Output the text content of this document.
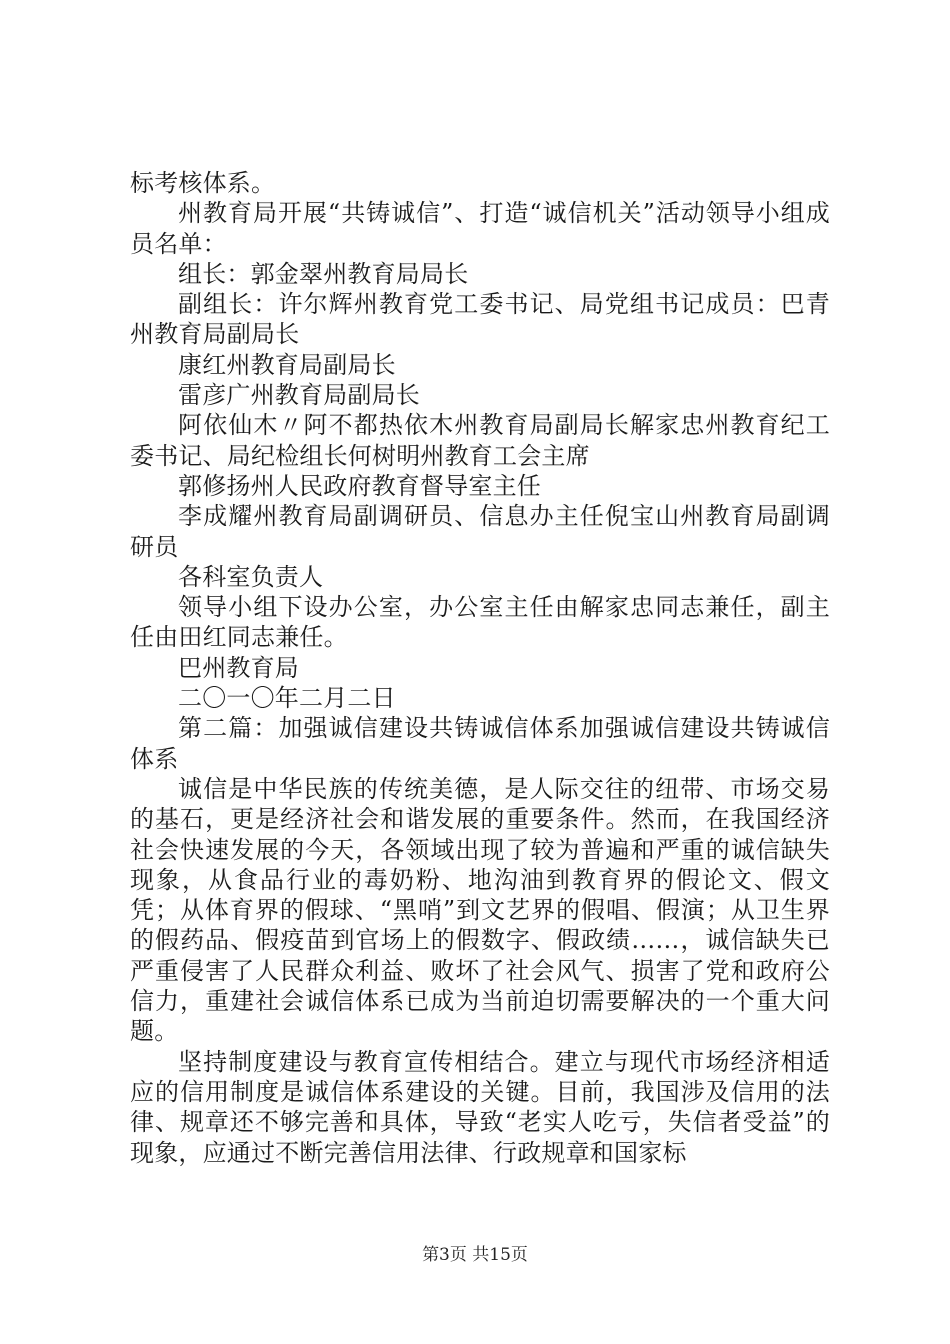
标考核体系。

州教育局开展“共铸诚信”、打造“诚信机关”活动领导小组成员名单：

组长：郭金翠州教育局局长

副组长：许尔辉州教育党工委书记、局党组书记成员：巴青州教育局副局长

康红州教育局副局长

雷彦广州教育局副局长

阿依仙木〃阿不都热依木州教育局副局长解家忠州教育纪工委书记、局纪检组长何树明州教育工会主席

郭修扬州人民政府教育督导室主任

李成耀州教育局副调研员、信息办主任倪宝山州教育局副调研员

各科室负责人

领导小组下设办公室，办公室主任由解家忠同志兼任，副主任由田红同志兼任。

巴州教育局

二〇一〇年二月二日

第二篇：加强诚信建设共铸诚信体系加强诚信建设共铸诚信体系

诚信是中华民族的传统美德，是人际交往的纽带、市场交易的基石，更是经济社会和谐发展的重要条件。然而，在我国经济社会快速发展的今天，各领域出现了较为普遍和严重的诚信缺失现象，从食品行业的毒奶粉、地沟油到教育界的假论文、假文凭；从体育界的假球、“黑哨”到文艺界的假唱、假演；从卫生界的假药品、假疫苗到官场上的假数字、假政绩……，诚信缺失已严重侵害了人民群众利益、败坏了社会风气、损害了党和政府公信力，重建社会诚信体系已成为当前迫切需要解决的一个重大问题。

坚持制度建设与教育宣传相结合。建立与现代市场经济相适应的信用制度是诚信体系建设的关键。目前，我国涉及信用的法律、规章还不够完善和具体，导致“老实人吃亏，失信者受益”的现象，应通过不断完善信用法律、行政规章和国家标

第3页 共15页
